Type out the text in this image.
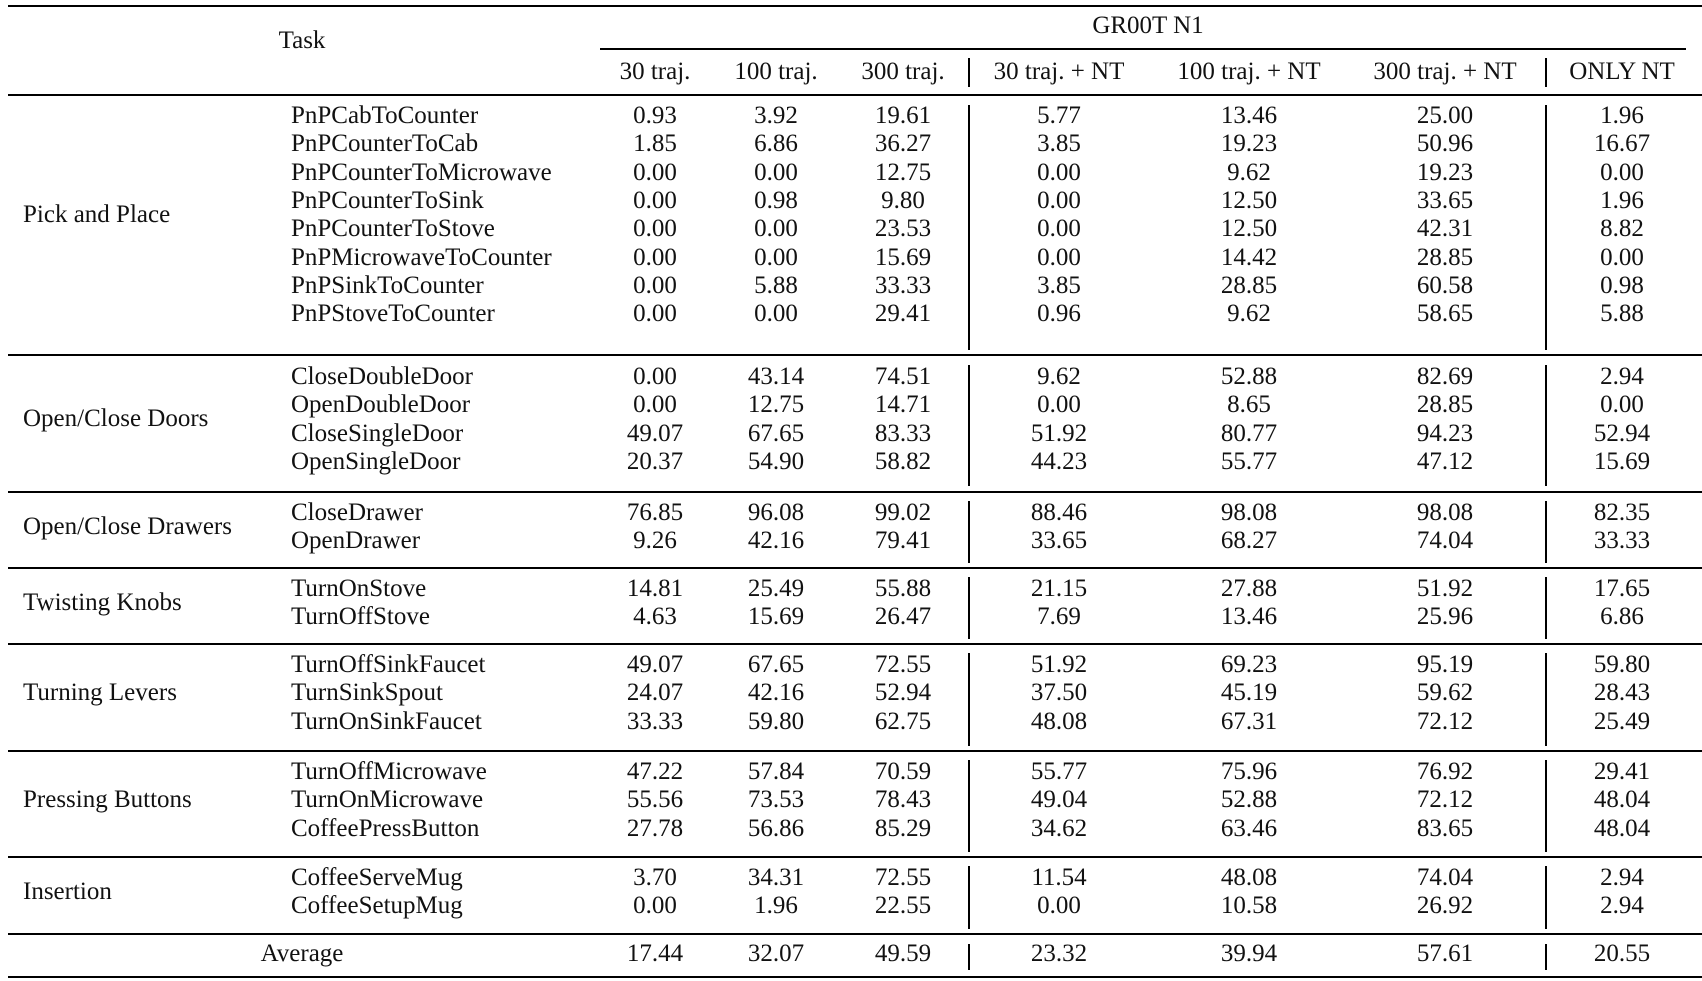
Task
GR00T N1
30 traj. 100 traj. 300 traj. 30 traj. + NT 100 traj. + NT 300 traj. + NT ONLY NT
Pick and Place
PnPCabToCounter	0.93	3.92	19.61	5.77	13.46	25.00	1.96
PnPCounterToCab	1.85	6.86	36.27	3.85	19.23	50.96	16.67
PnPCounterToMicrowave	0.00	0.00	12.75	0.00	9.62	19.23	0.00
PnPCounterToSink	0.00	0.98	9.80	0.00	12.50	33.65	1.96
PnPCounterToStove	0.00	0.00	23.53	0.00	12.50	42.31	8.82
PnPMicrowaveToCounter	0.00	0.00	15.69	0.00	14.42	28.85	0.00
PnPSinkToCounter	0.00	5.88	33.33	3.85	28.85	60.58	0.98
PnPStoveToCounter	0.00	0.00	29.41	0.96	9.62	58.65	5.88
Open/Close Doors
CloseDoubleDoor	0.00	43.14	74.51	9.62	52.88	82.69	2.94
OpenDoubleDoor	0.00	12.75	14.71	0.00	8.65	28.85	0.00
CloseSingleDoor	49.07	67.65	83.33	51.92	80.77	94.23	52.94
OpenSingleDoor	20.37	54.90	58.82	44.23	55.77	47.12	15.69
Open/Close Drawers
CloseDrawer	76.85	96.08	99.02	88.46	98.08	98.08	82.35
OpenDrawer	9.26	42.16	79.41	33.65	68.27	74.04	33.33
Twisting Knobs
TurnOnStove	14.81	25.49	55.88	21.15	27.88	51.92	17.65
TurnOffStove	4.63	15.69	26.47	7.69	13.46	25.96	6.86
Turning Levers
TurnOffSinkFaucet	49.07	67.65	72.55	51.92	69.23	95.19	59.80
TurnSinkSpout	24.07	42.16	52.94	37.50	45.19	59.62	28.43
TurnOnSinkFaucet	33.33	59.80	62.75	48.08	67.31	72.12	25.49
Pressing Buttons
TurnOffMicrowave	47.22	57.84	70.59	55.77	75.96	76.92	29.41
TurnOnMicrowave	55.56	73.53	78.43	49.04	52.88	72.12	48.04
CoffeePressButton	27.78	56.86	85.29	34.62	63.46	83.65	48.04
Insertion
CoffeeServeMug	3.70	34.31	72.55	11.54	48.08	74.04	2.94
CoffeeSetupMug	0.00	1.96	22.55	0.00	10.58	26.92	2.94
Average	17.44	32.07	49.59	23.32	39.94	57.61	20.55
